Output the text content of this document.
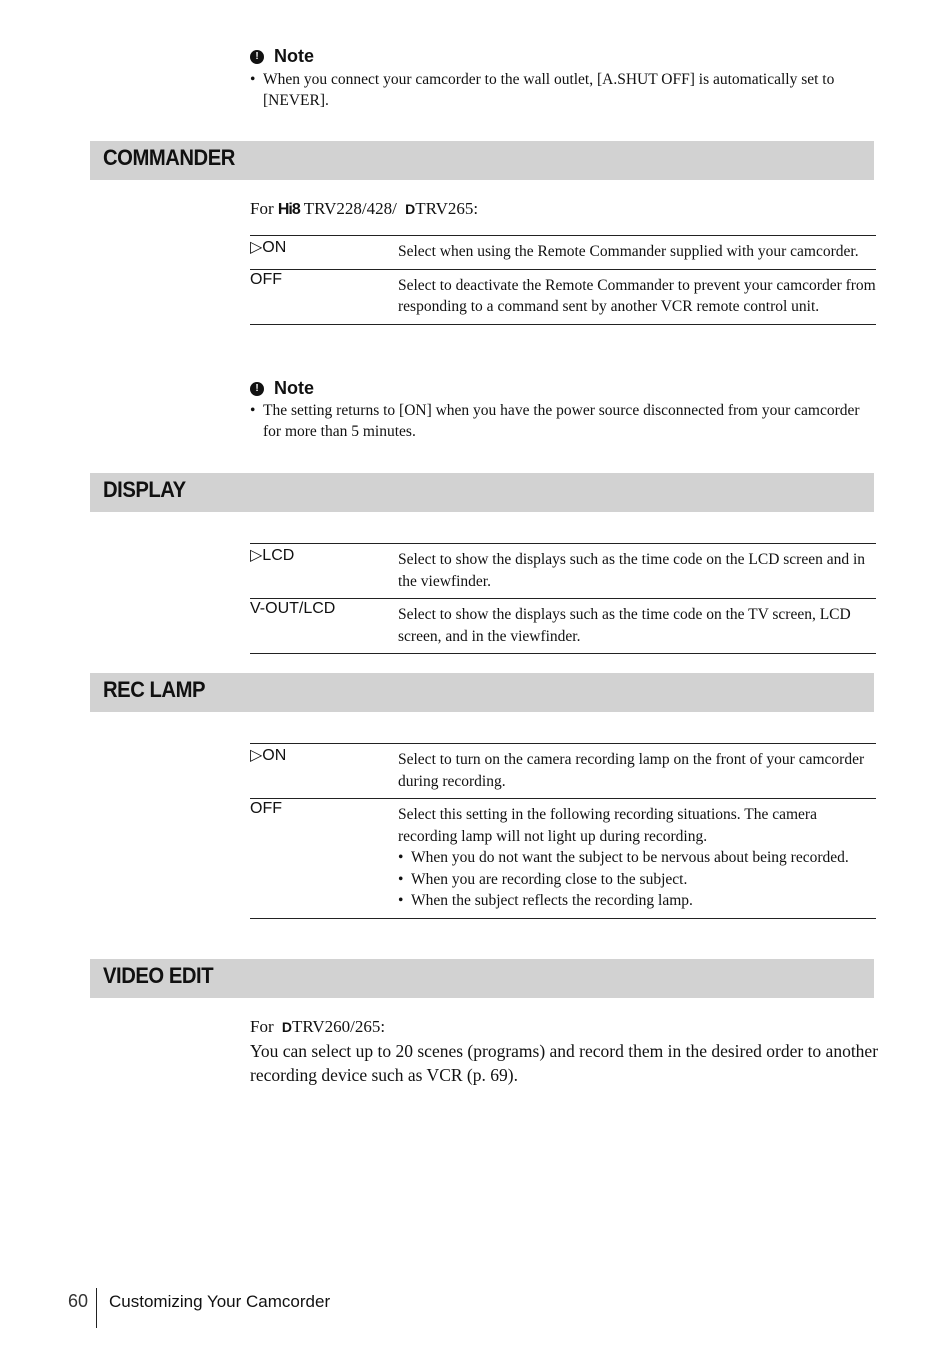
! Note
• When you connect your camcorder to the wall outlet, [A.SHUT OFF] is automatically set to [NEVER].
COMMANDER
For Hi8 TRV228/428/ DTRV265:
▷ON	Select when using the Remote Commander supplied with your camcorder.
OFF	Select to deactivate the Remote Commander to prevent your camcorder from responding to a command sent by another VCR remote control unit.
! Note
• The setting returns to [ON] when you have the power source disconnected from your camcorder for more than 5 minutes.
DISPLAY
▷LCD	Select to show the displays such as the time code on the LCD screen and in the viewfinder.
V-OUT/LCD	Select to show the displays such as the time code on the TV screen, LCD screen, and in the viewfinder.
REC LAMP
▷ON	Select to turn on the camera recording lamp on the front of your camcorder during recording.
OFF	Select this setting in the following recording situations. The camera recording lamp will not light up during recording.
• When you do not want the subject to be nervous about being recorded.
• When you are recording close to the subject.
• When the subject reflects the recording lamp.
VIDEO EDIT
For DTRV260/265:
You can select up to 20 scenes (programs) and record them in the desired order to another recording device such as VCR (p. 69).
60 Customizing Your Camcorder
